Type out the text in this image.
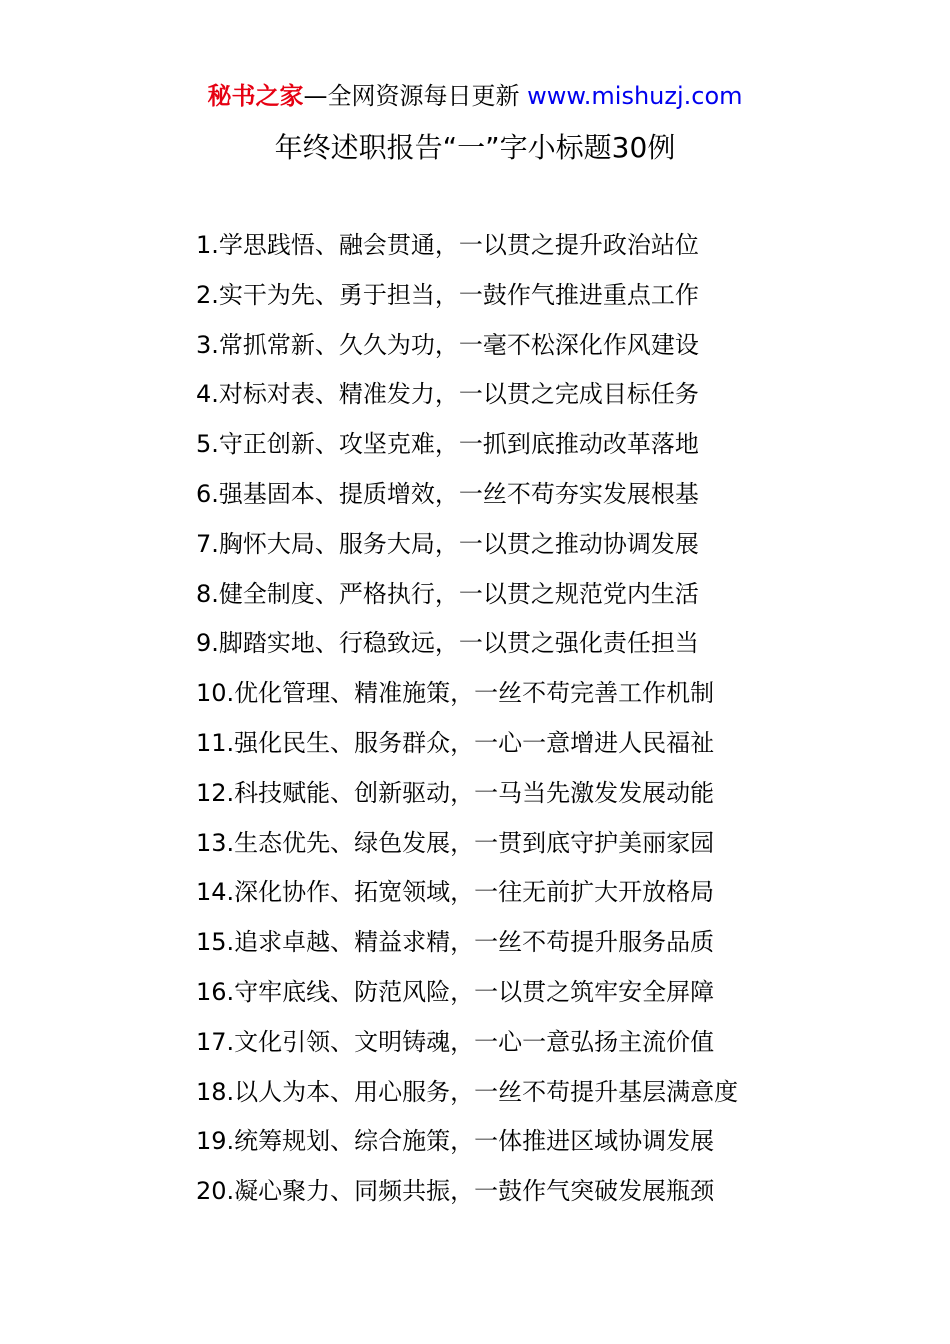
秘书之家—全网资源每日更新 www.mishuzj.com
年终述职报告“一”字小标题30例
1.学思践悟、融会贯通，一以贯之提升政治站位
2.实干为先、勇于担当，一鼓作气推进重点工作
3.常抓常新、久久为功，一毫不松深化作风建设
4.对标对表、精准发力，一以贯之完成目标任务
5.守正创新、攻坚克难，一抓到底推动改革落地
6.强基固本、提质增效，一丝不苟夯实发展根基
7.胸怀大局、服务大局，一以贯之推动协调发展
8.健全制度、严格执行，一以贯之规范党内生活
9.脚踏实地、行稳致远，一以贯之强化责任担当
10.优化管理、精准施策，一丝不苟完善工作机制
11.强化民生、服务群众，一心一意增进人民福祉
12.科技赋能、创新驱动，一马当先激发发展动能
13.生态优先、绿色发展，一贯到底守护美丽家园
14.深化协作、拓宽领域，一往无前扩大开放格局
15.追求卓越、精益求精，一丝不苟提升服务品质
16.守牢底线、防范风险，一以贯之筑牢安全屏障
17.文化引领、文明铸魂，一心一意弘扬主流价值
18.以人为本、用心服务，一丝不苟提升基层满意度
19.统筹规划、综合施策，一体推进区域协调发展
20.凝心聚力、同频共振，一鼓作气突破发展瓶颈
